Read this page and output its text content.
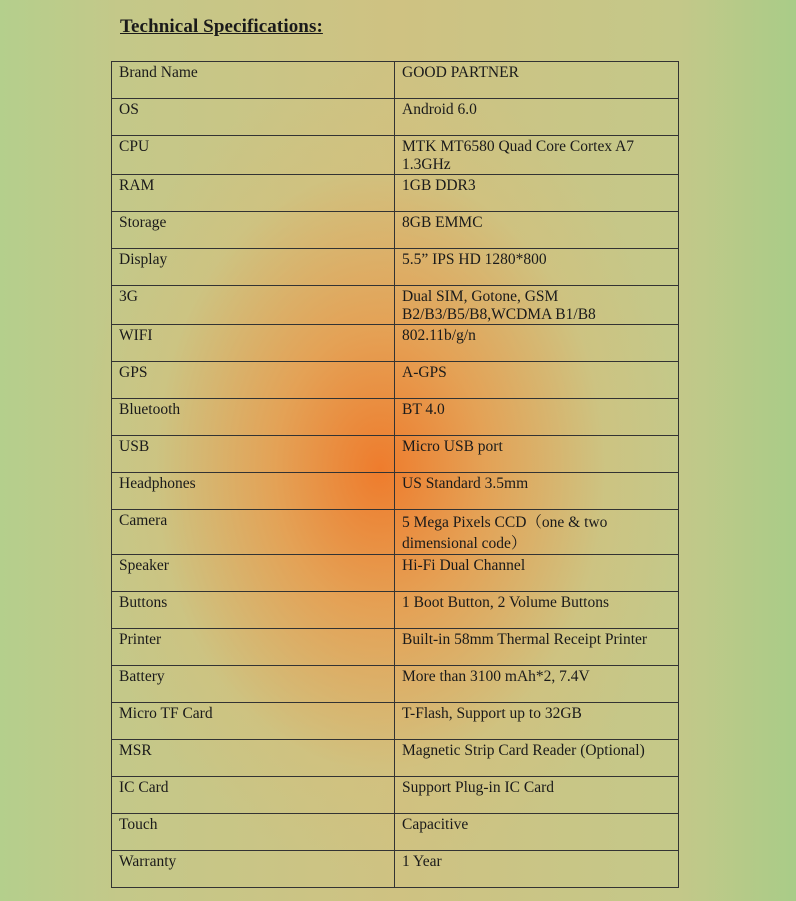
Technical Specifications:
Brand Name	GOOD PARTNER
OS	Android 6.0
CPU	MTK MT6580 Quad Core Cortex A7 1.3GHz
RAM	1GB DDR3
Storage	8GB EMMC
Display	5.5” IPS HD 1280*800
3G	Dual SIM, Gotone, GSM B2/B3/B5/B8,WCDMA B1/B8
WIFI	802.11b/g/n
GPS	A-GPS
Bluetooth	BT 4.0
USB	Micro USB port
Headphones	US Standard 3.5mm
Camera	5 Mega Pixels CCD（one & two dimensional code）
Speaker	Hi-Fi Dual Channel
Buttons	1 Boot Button, 2 Volume Buttons
Printer	Built-in 58mm Thermal Receipt Printer
Battery	More than 3100 mAh*2, 7.4V
Micro TF Card	T-Flash, Support up to 32GB
MSR	Magnetic Strip Card Reader (Optional)
IC Card	Support Plug-in IC Card
Touch	Capacitive
Warranty	1 Year
